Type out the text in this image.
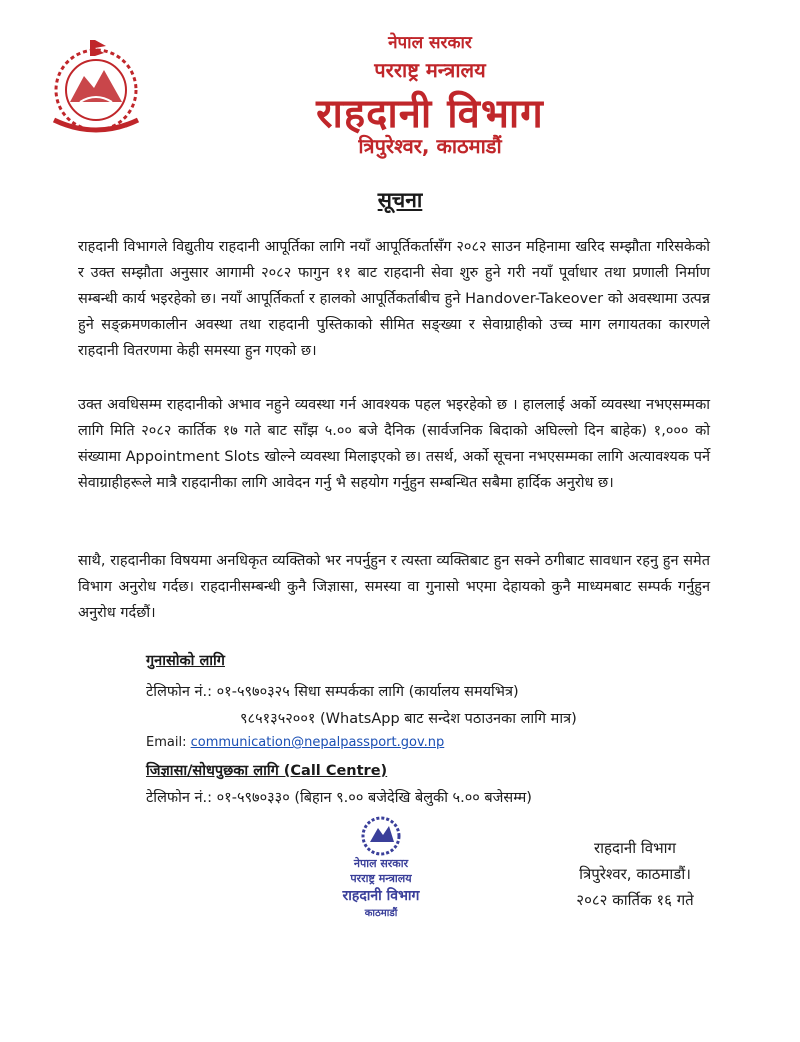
नेपाल सरकार
परराष्ट्र मन्त्रालय
राहदानी विभाग
त्रिपुरेश्वर, काठमाडौं
सूचना

राहदानी विभागले विद्युतीय राहदानी आपूर्तिका लागि नयाँ आपूर्तिकर्तासँग २०८२ साउन महिनामा खरिद सम्झौता गरिसकेको र उक्त सम्झौता अनुसार आगामी २०८२ फागुन ११ बाट राहदानी सेवा शुरु हुने गरी नयाँ पूर्वाधार तथा प्रणाली निर्माण सम्बन्धी कार्य भइरहेको छ। नयाँ आपूर्तिकर्ता र हालको आपूर्तिकर्ताबीच हुने Handover-Takeover को अवस्थामा उत्पन्न हुने सङ्क्रमणकालीन अवस्था तथा राहदानी पुस्तिकाको सीमित सङ्ख्या र सेवाग्राहीको उच्च माग लगायतका कारणले राहदानी वितरणमा केही समस्या हुन गएको छ।

उक्त अवधिसम्म राहदानीको अभाव नहुने व्यवस्था गर्न आवश्यक पहल भइरहेको छ । हाललाई अर्को व्यवस्था नभएसम्मका लागि मिति २०८२ कार्तिक १७ गते बाट साँझ ५.०० बजे दैनिक (सार्वजनिक बिदाको अघिल्लो दिन बाहेक) १,००० को संख्यामा Appointment Slots खोल्ने व्यवस्था मिलाइएको छ। तसर्थ, अर्को सूचना नभएसम्मका लागि अत्यावश्यक पर्ने सेवाग्राहीहरूले मात्रै राहदानीका लागि आवेदन गर्नु भै सहयोग गर्नुहुन सम्बन्धित सबैमा हार्दिक अनुरोध छ।

साथै, राहदानीका विषयमा अनधिकृत व्यक्तिको भर नपर्नुहुन र त्यस्ता व्यक्तिबाट हुन सक्ने ठगीबाट सावधान रहनु हुन समेत विभाग अनुरोध गर्दछ। राहदानीसम्बन्धी कुनै जिज्ञासा, समस्या वा गुनासो भएमा देहायको कुनै माध्यमबाट सम्पर्क गर्नुहुन अनुरोध गर्दछौं।

गुनासोको लागि
टेलिफोन नं.: ०१-५९७०३२५ सिधा सम्पर्कका लागि (कार्यालय समयभित्र)
९८५१३५२००१ (WhatsApp बाट सन्देश पठाउनका लागि मात्र)
Email: communication@nepalpassport.gov.np
जिज्ञासा/सोधपुछका लागि (Call Centre)
टेलिफोन नं.: ०१-५९७०३३० (बिहान ९.०० बजेदेखि बेलुकी ५.०० बजेसम्म)
नेपाल सरकार
परराष्ट्र मन्त्रालय
राहदानी विभाग
काठमाडौं
राहदानी विभाग
त्रिपुरेश्वर, काठमाडौं।
२०८२ कार्तिक १६ गते
